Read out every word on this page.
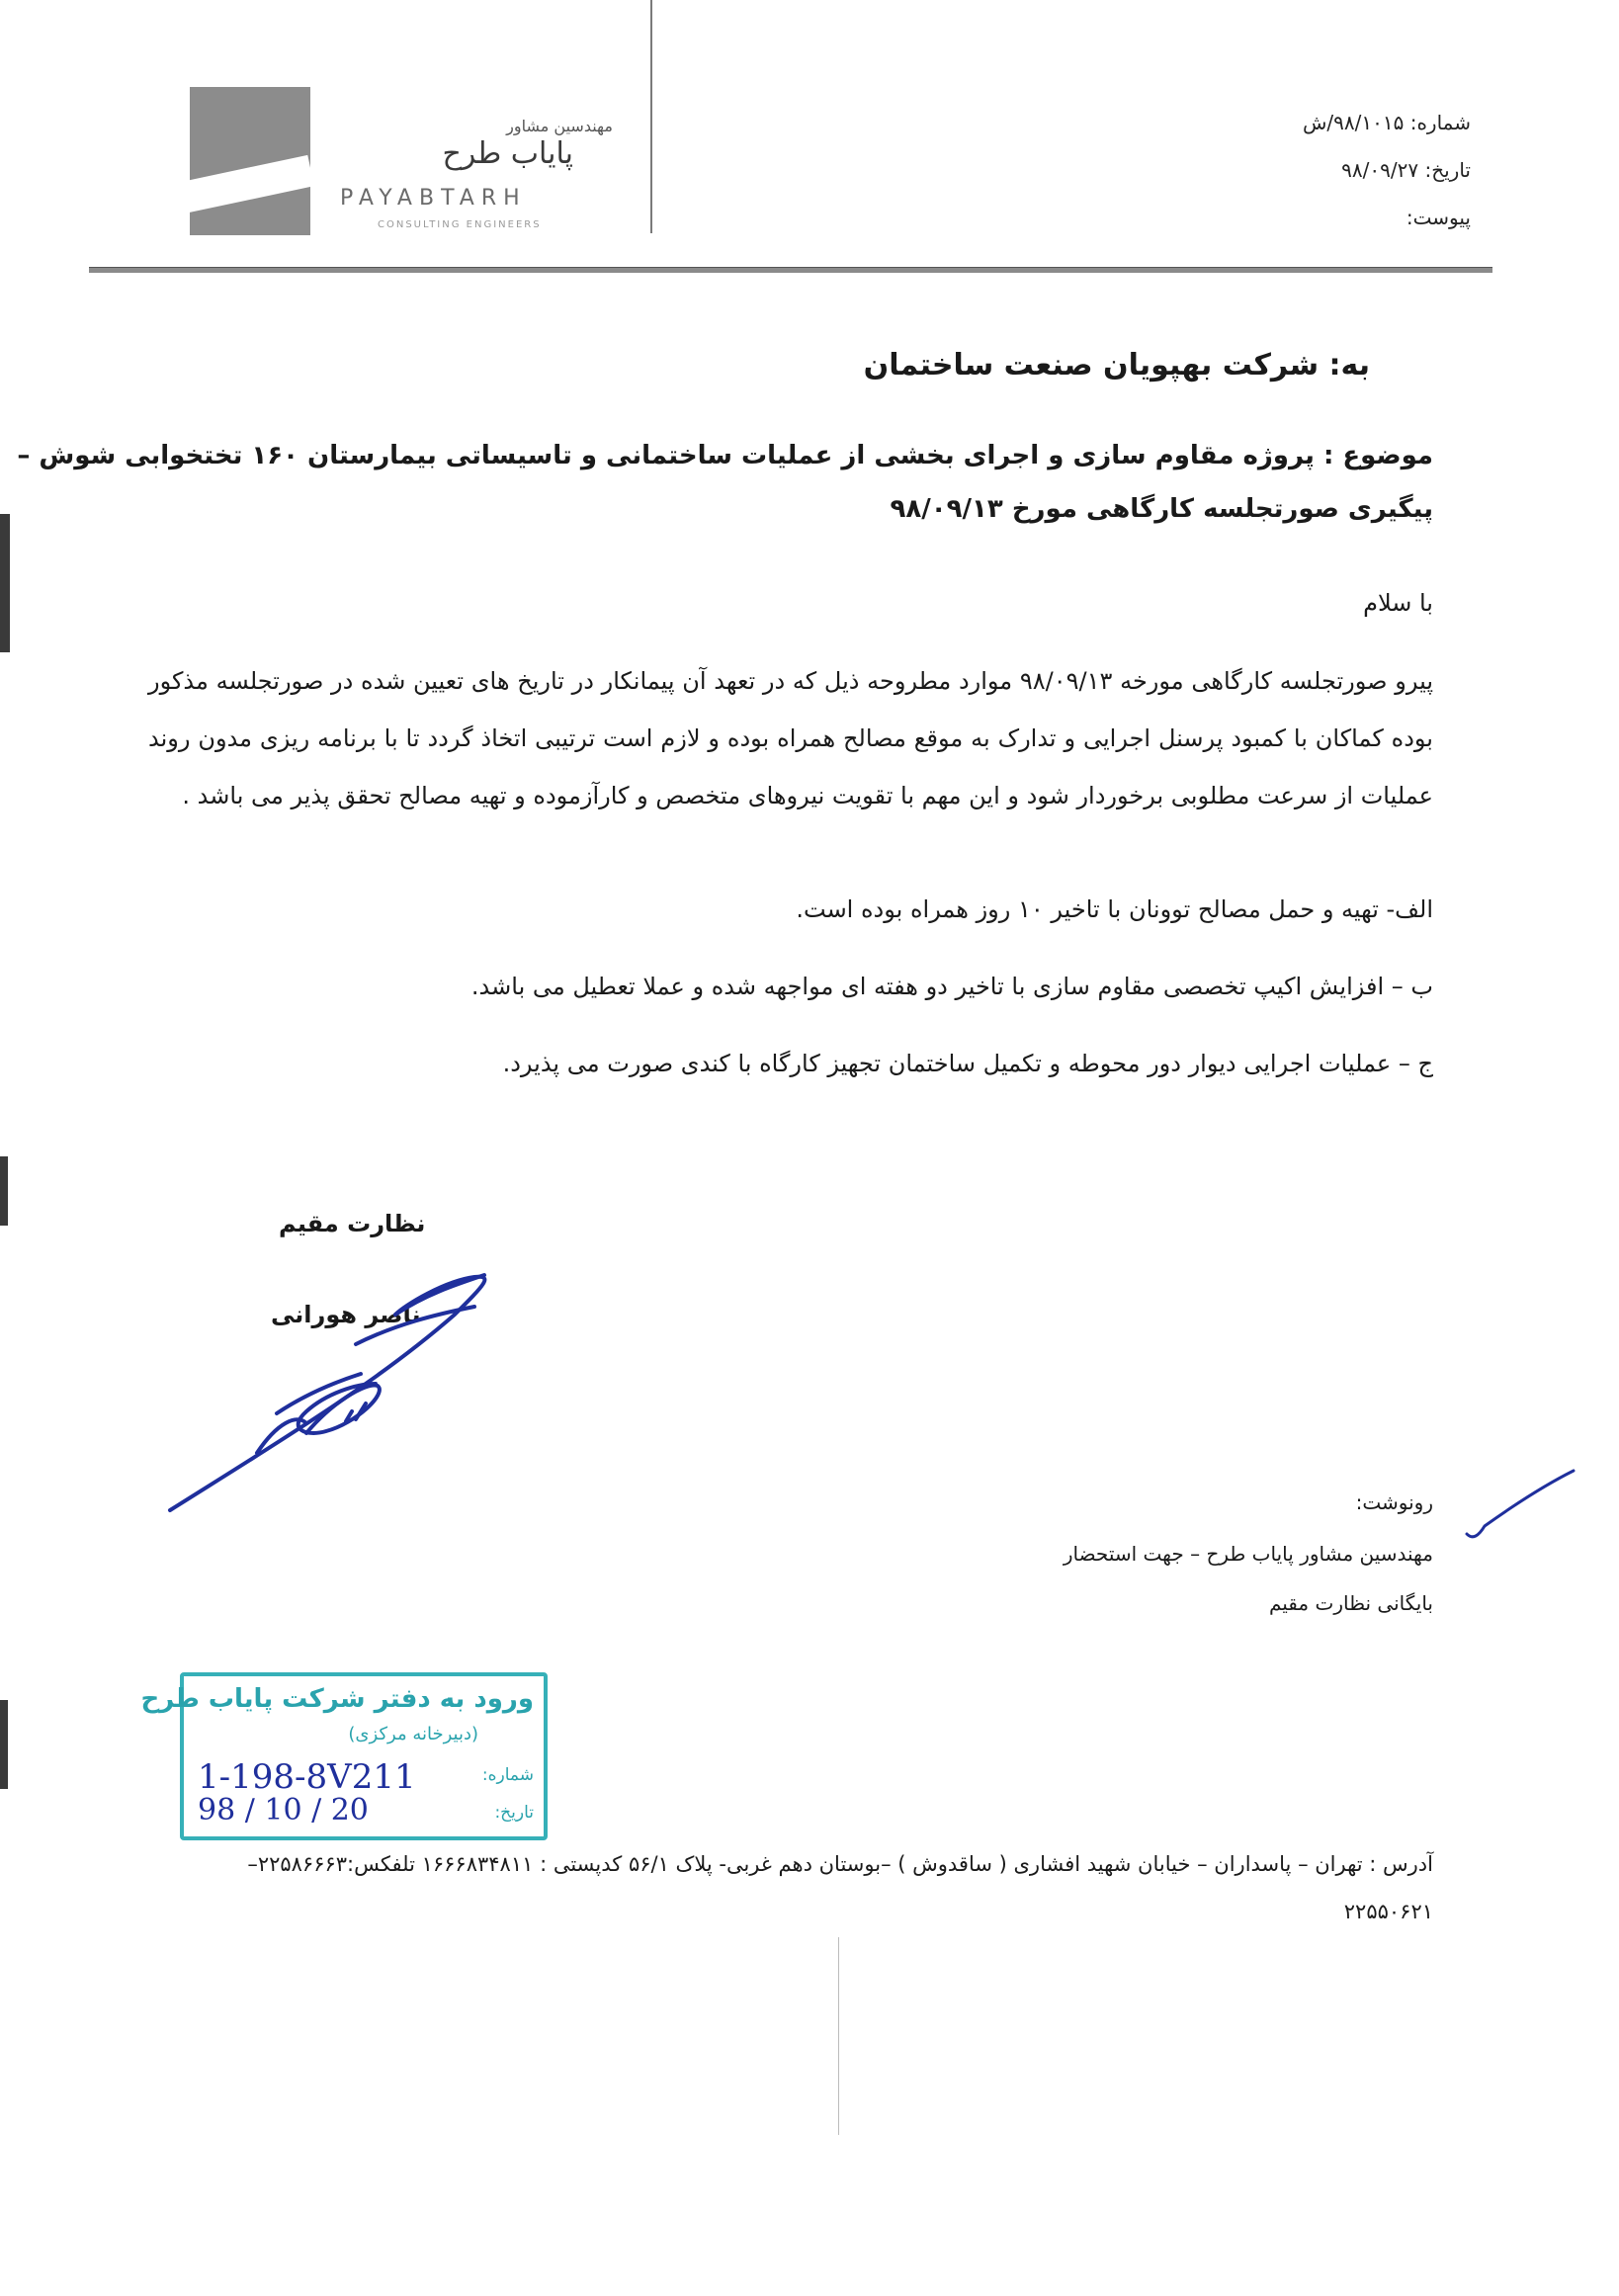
مهندسین مشاور
پایاب طرح
PAYABTARH
CONSULTING ENGINEERS
شماره: ۹۸/۱۰۱۵/ش
تاریخ: ۹۸/۰۹/۲۷
پیوست:
به: شرکت بهپویان صنعت ساختمان
موضوع : پروژه مقاوم سازی و اجرای بخشی از عملیات ساختمانی و تاسیساتی بیمارستان ۱۶۰ تختخوابی شوش –
پیگیری صورتجلسه کارگاهی مورخ ۹۸/۰۹/۱۳
با سلام
پیرو صورتجلسه کارگاهی مورخه ۹۸/۰۹/۱۳ موارد مطروحه ذیل که در تعهد آن پیمانکار در تاریخ های تعیین شده در صورتجلسه مذکور بوده کماکان با کمبود پرسنل اجرایی و تدارک به موقع مصالح همراه بوده و لازم است ترتیبی اتخاذ گردد تا با برنامه ریزی مدون روند عملیات از سرعت مطلوبی برخوردار شود و این مهم با تقویت نیروهای متخصص و کارآزموده و تهیه مصالح تحقق پذیر می باشد .
الف- تهیه و حمل مصالح توونان با تاخیر ۱۰ روز همراه بوده است.
ب – افزایش اکیپ تخصصی مقاوم سازی با تاخیر دو هفته ای مواجهه شده و عملا تعطیل می باشد.
ج – عملیات اجرایی دیوار دور محوطه و تکمیل ساختمان تجهیز کارگاه با کندی صورت می پذیرد.
نظارت مقیم
ناصر هورانی
رونوشت:
مهندسین مشاور پایاب طرح – جهت استحضار
بایگانی نظارت مقیم
ورود به دفتر شرکت پایاب طرح
(دبیرخانه مرکزی)
شماره:
تاریخ:
1-198-8V211
98 / 10 / 20
آدرس : تهران – پاسداران – خیابان شهید افشاری ( ساقدوش ) –بوستان دهم غربی- پلاک ۵۶/۱ کدپستی : ۱۶۶۶۸۳۴۸۱۱ تلفکس:۲۲۵۸۶۶۶۳–
۲۲۵۵۰۶۲۱
